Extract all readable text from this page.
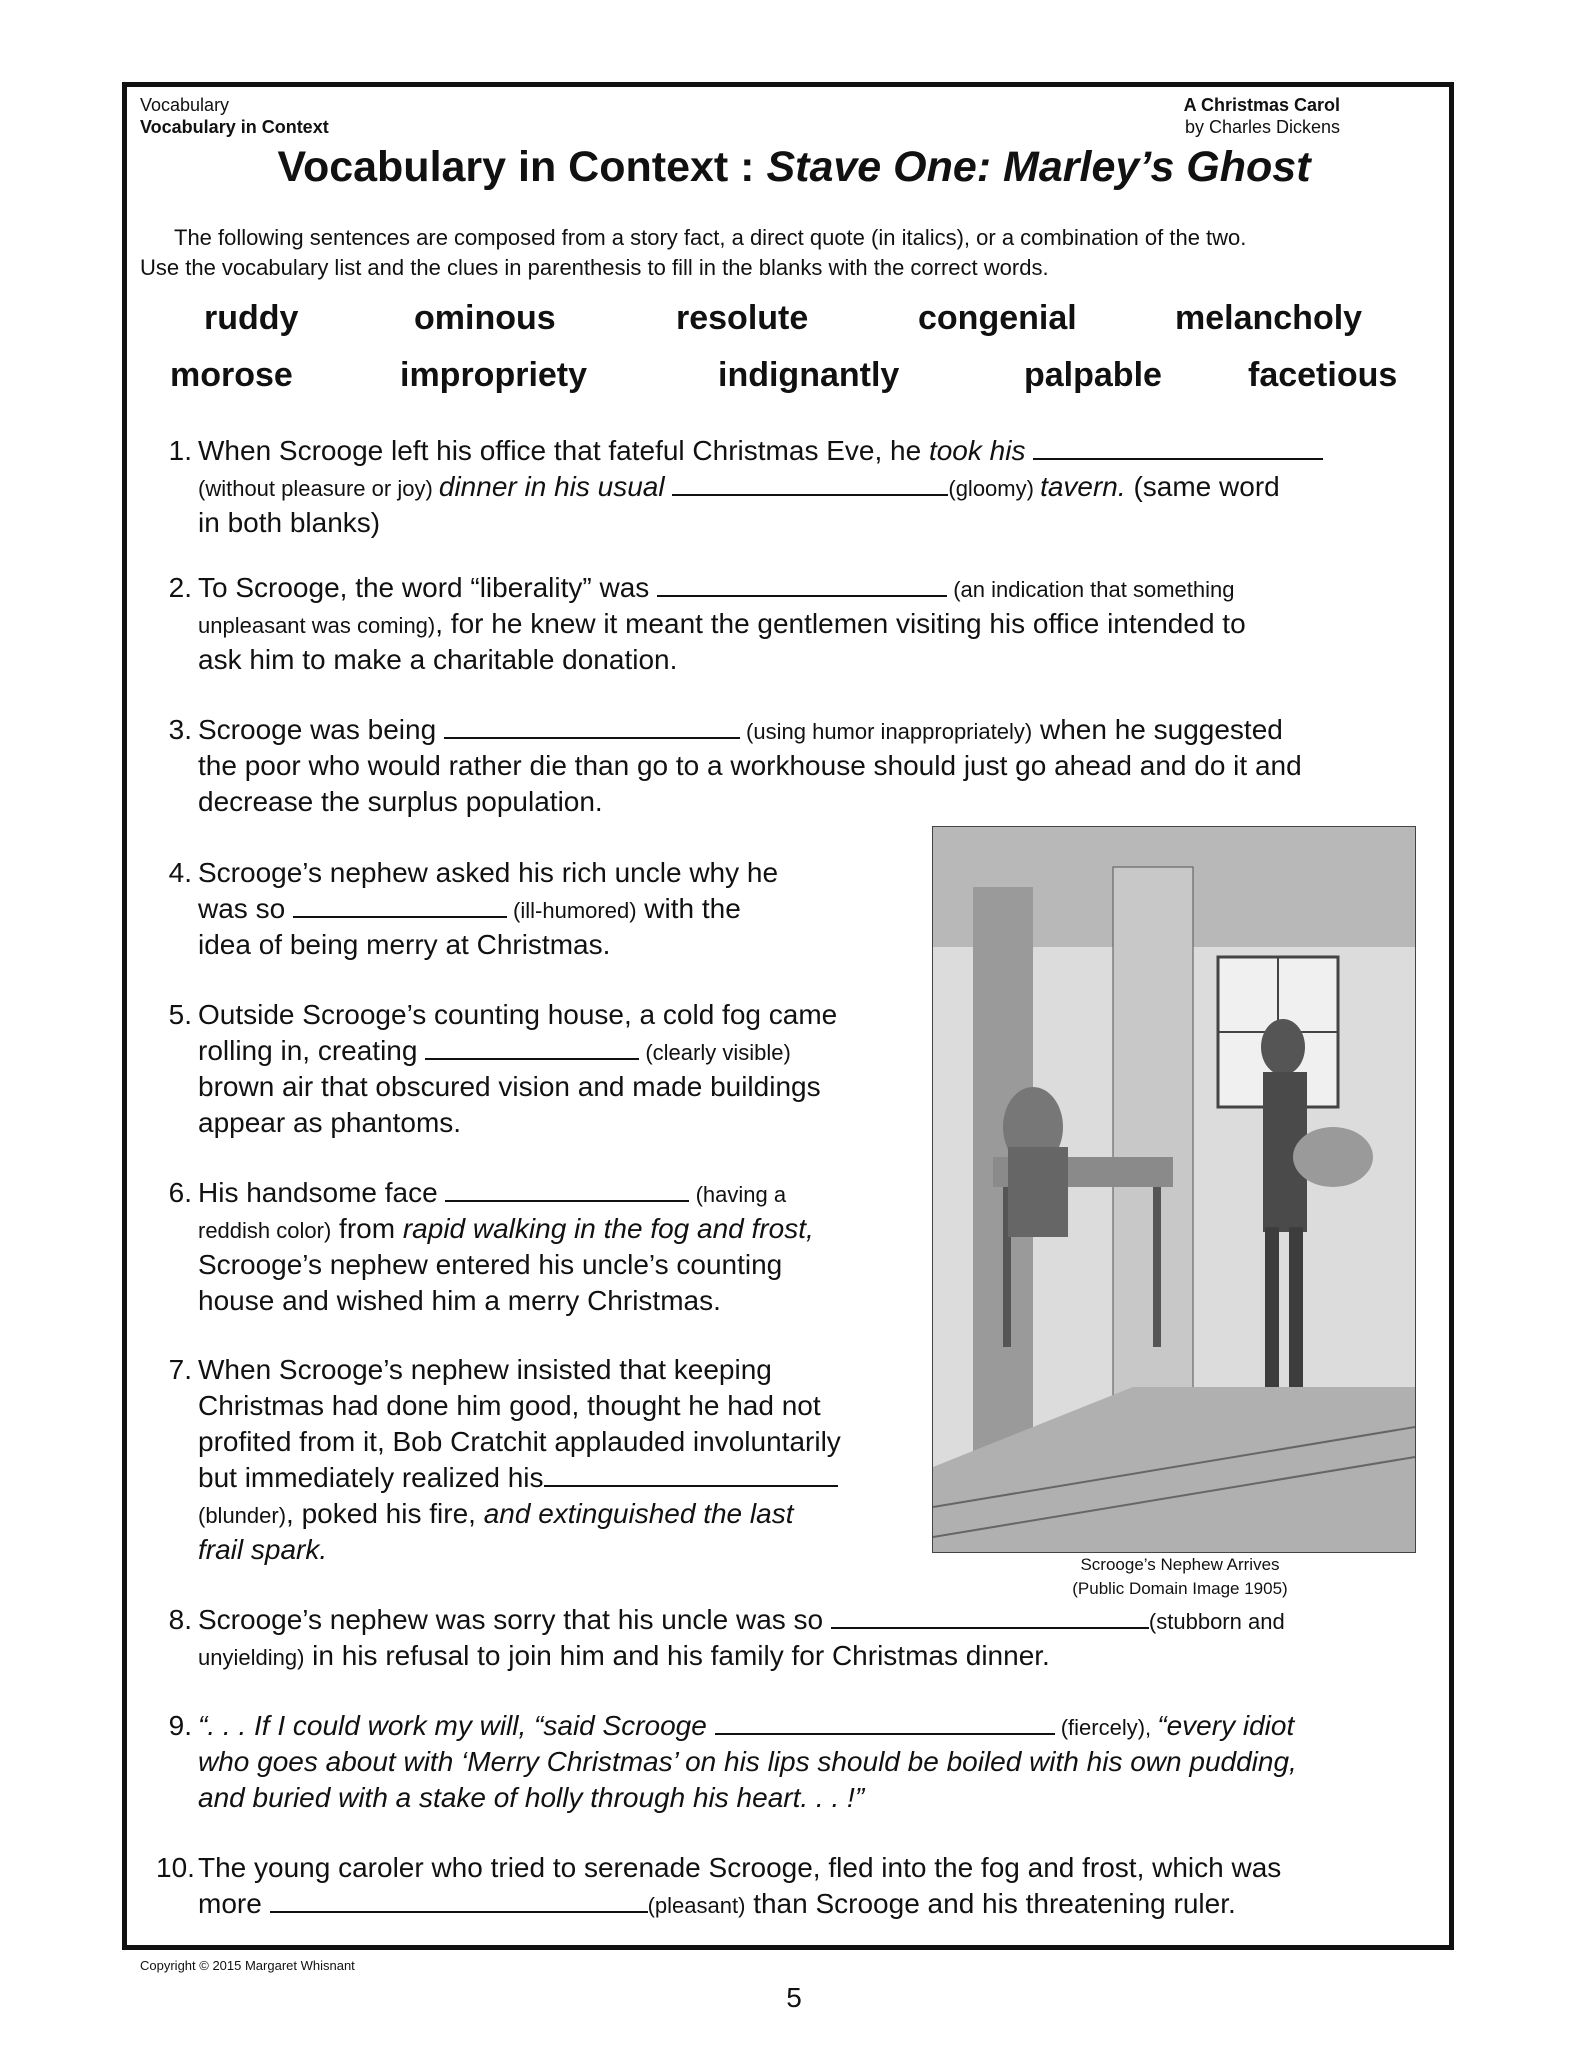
Vocabulary
Vocabulary in Context
A Christmas Carol
by Charles Dickens
Vocabulary in Context : Stave One: Marley’s Ghost
The following sentences are composed from a story fact, a direct quote (in italics), or a combination of the two.
Use the vocabulary list and the clues in parenthesis to fill in the blanks with the correct words.
ruddy	ominous	resolute	congenial	melancholy
morose	impropriety	indignantly	palpable	facetious
1. When Scrooge left his office that fateful Christmas Eve, he took his
(without pleasure or joy) dinner in his usual	(gloomy) tavern. (same word
in both blanks)
2. To Scrooge, the word “liberality” was	(an indication that something
unpleasant was coming), for he knew it meant the gentlemen visiting his office intended to
ask him to make a charitable donation.
3. Scrooge was being	(using humor inappropriately) when he suggested
the poor who would rather die than go to a workhouse should just go ahead and do it and
decrease the surplus population.
4. Scrooge’s nephew asked his rich uncle why he
was so	(ill-humored) with the
idea of being merry at Christmas.
5. Outside Scrooge’s counting house, a cold fog came
rolling in, creating	(clearly visible)
brown air that obscured vision and made buildings
appear as phantoms.
6. His handsome face	(having a
reddish color) from rapid walking in the fog and frost,
Scrooge’s nephew entered his uncle’s counting
house and wished him a merry Christmas.
7. When Scrooge’s nephew insisted that keeping
Christmas had done him good, thought he had not
profited from it, Bob Cratchit applauded involuntarily
but immediately realized his
(blunder), poked his fire, and extinguished the last
frail spark.	Scrooge’s Nephew Arrives
(Public Domain Image 1905)
8. Scrooge’s nephew was sorry that his uncle was so	(stubborn and
unyielding) in his refusal to join him and his family for Christmas dinner.
9. “. . . If I could work my will, “said Scrooge	(fiercely), “every idiot
who goes about with ‘Merry Christmas’ on his lips should be boiled with his own pudding,
and buried with a stake of holly through his heart. . . !”
10. The young caroler who tried to serenade Scrooge, fled into the fog and frost, which was
more	(pleasant) than Scrooge and his threatening ruler.
Copyright © 2015 Margaret Whisnant
5
